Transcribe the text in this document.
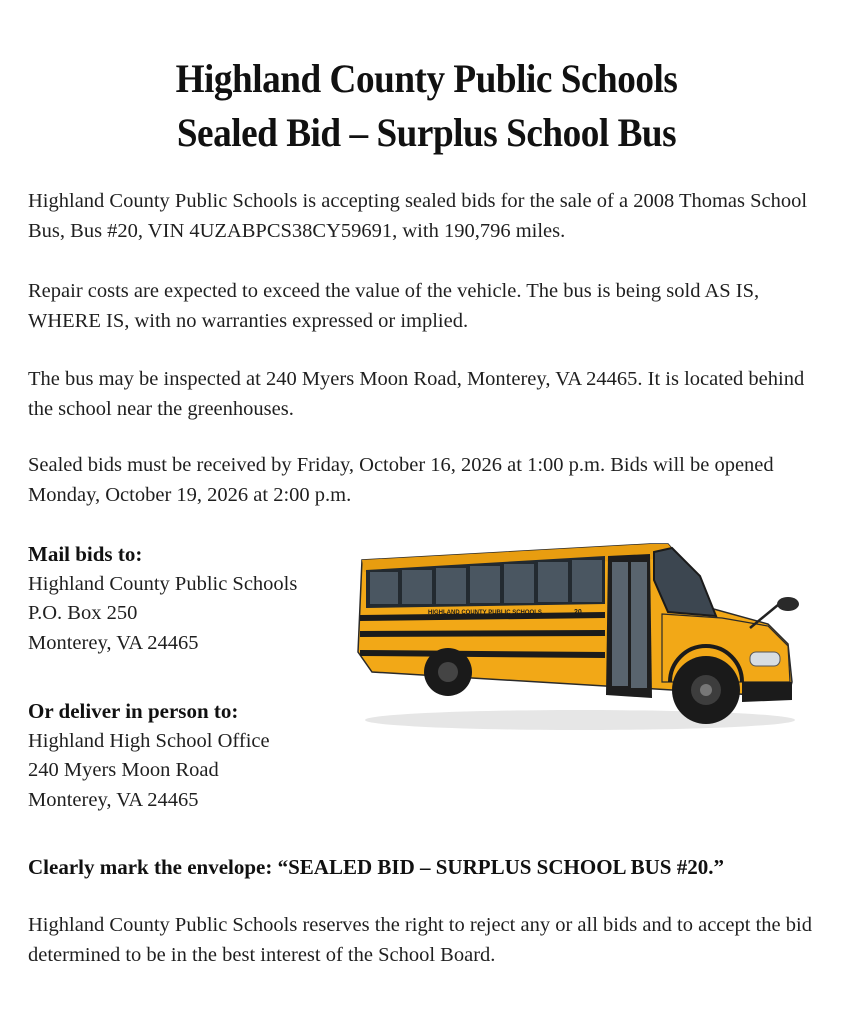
Highland County Public Schools
Sealed Bid – Surplus School Bus
Highland County Public Schools is accepting sealed bids for the sale of a 2008 Thomas School Bus, Bus #20, VIN 4UZABPCS38CY59691, with 190,796 miles.
Repair costs are expected to exceed the value of the vehicle. The bus is being sold AS IS, WHERE IS, with no warranties expressed or implied.
The bus may be inspected at 240 Myers Moon Road, Monterey, VA 24465. It is located behind the school near the greenhouses.
Sealed bids must be received by Friday, October 16, 2026 at 1:00 p.m. Bids will be opened Monday, October 19, 2026 at 2:00 p.m.
Mail bids to:
Highland County Public Schools
P.O. Box 250
Monterey, VA 24465
Or deliver in person to:
Highland High School Office
240 Myers Moon Road
Monterey, VA 24465
Clearly mark the envelope: “SEALED BID – SURPLUS SCHOOL BUS #20.”
Highland County Public Schools reserves the right to reject any or all bids and to accept the bid determined to be in the best interest of the School Board.
HIGHLAND COUNTY PUBLIC SCHOOLS	20
